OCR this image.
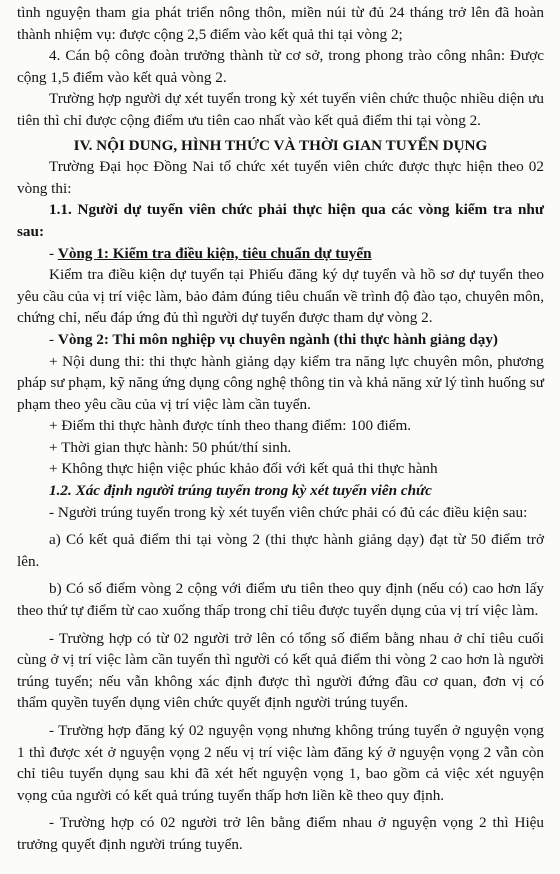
tình nguyện tham gia phát triển nông thôn, miền núi từ đủ 24 tháng trở lên đã hoàn thành nhiệm vụ: được cộng 2,5 điểm vào kết quả thi tại vòng 2;

4. Cán bộ công đoàn trưởng thành từ cơ sở, trong phong trào công nhân: Được cộng 1,5 điểm vào kết quả vòng 2.

Trường hợp người dự xét tuyển trong kỳ xét tuyển viên chức thuộc nhiều diện ưu tiên thì chỉ được cộng điểm ưu tiên cao nhất vào kết quả điểm thi tại vòng 2.

IV. NỘI DUNG, HÌNH THỨC VÀ THỜI GIAN TUYỂN DỤNG

Trường Đại học Đồng Nai tổ chức xét tuyển viên chức được thực hiện theo 02 vòng thi:

1.1. Người dự tuyển viên chức phải thực hiện qua các vòng kiểm tra như sau:

- Vòng 1: Kiểm tra điều kiện, tiêu chuẩn dự tuyển

Kiểm tra điều kiện dự tuyển tại Phiếu đăng ký dự tuyển và hồ sơ dự tuyển theo yêu cầu của vị trí việc làm, bảo đảm đúng tiêu chuẩn về trình độ đào tạo, chuyên môn, chứng chỉ, nếu đáp ứng đủ thì người dự tuyển được tham dự vòng 2.

- Vòng 2: Thi môn nghiệp vụ chuyên ngành (thi thực hành giảng dạy)

+ Nội dung thi: thi thực hành giảng dạy kiểm tra năng lực chuyên môn, phương pháp sư phạm, kỹ năng ứng dụng công nghệ thông tin và khả năng xử lý tình huống sư phạm theo yêu cầu của vị trí việc làm cần tuyển.

+ Điểm thi thực hành được tính theo thang điểm: 100 điểm.

+ Thời gian thực hành: 50 phút/thí sinh.

+ Không thực hiện việc phúc khảo đối với kết quả thi thực hành

1.2. Xác định người trúng tuyển trong kỳ xét tuyển viên chức

- Người trúng tuyển trong kỳ xét tuyển viên chức phải có đủ các điều kiện sau:

a) Có kết quả điểm thi tại vòng 2 (thi thực hành giảng dạy) đạt từ 50 điểm trở lên.

b) Có số điểm vòng 2 cộng với điểm ưu tiên theo quy định (nếu có) cao hơn lấy theo thứ tự điểm từ cao xuống thấp trong chỉ tiêu được tuyển dụng của vị trí việc làm.

- Trường hợp có từ 02 người trở lên có tổng số điểm bằng nhau ở chỉ tiêu cuối cùng ở vị trí việc làm cần tuyển thì người có kết quả điểm thi vòng 2 cao hơn là người trúng tuyển; nếu vẫn không xác định được thì người đứng đầu cơ quan, đơn vị có thẩm quyền tuyển dụng viên chức quyết định người trúng tuyển.

- Trường hợp đăng ký 02 nguyện vọng nhưng không trúng tuyển ở nguyện vọng 1 thì được xét ở nguyện vọng 2 nếu vị trí việc làm đăng ký ở nguyện vọng 2 vẫn còn chỉ tiêu tuyển dụng sau khi đã xét hết nguyện vọng 1, bao gồm cả việc xét nguyện vọng của người có kết quả trúng tuyển thấp hơn liền kề theo quy định.

- Trường hợp có 02 người trở lên bằng điểm nhau ở nguyện vọng 2 thì Hiệu trưởng quyết định người trúng tuyển.
